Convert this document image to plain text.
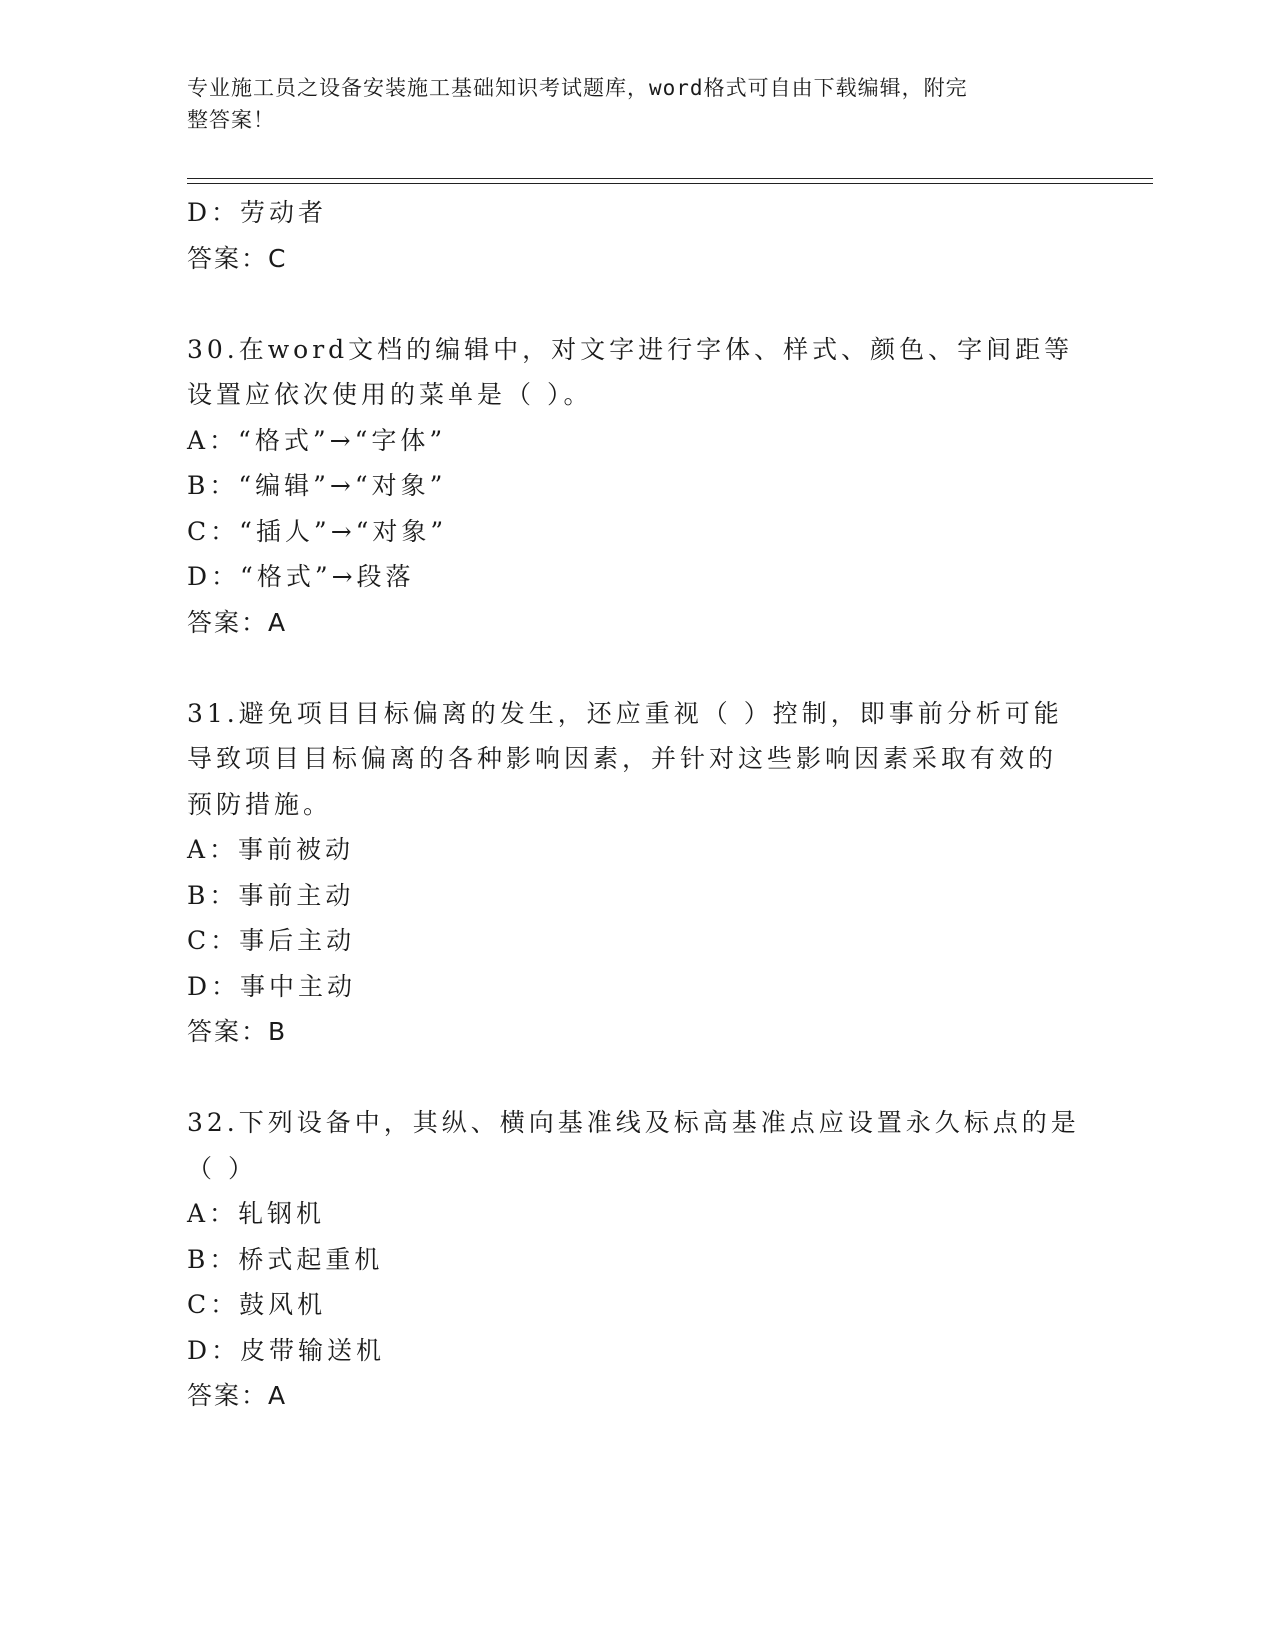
专业施工员之设备安装施工基础知识考试题库，word格式可自由下载编辑，附完
整答案！
D：劳动者
答案：C
30.在word文档的编辑中，对文字进行字体、样式、颜色、字间距等
设置应依次使用的菜单是（ ）。
A：“格式”→“字体”
B：“编辑”→“对象”
C：“插人”→“对象”
D：“格式”→段落
答案：A
31.避免项目目标偏离的发生，还应重视（ ）控制，即事前分析可能
导致项目目标偏离的各种影响因素，并针对这些影响因素采取有效的
预防措施。
A：事前被动
B：事前主动
C：事后主动
D：事中主动
答案：B
32.下列设备中，其纵、横向基准线及标高基准点应设置永久标点的是
（ ）
A：轧钢机
B：桥式起重机
C：鼓风机
D：皮带输送机
答案：A
